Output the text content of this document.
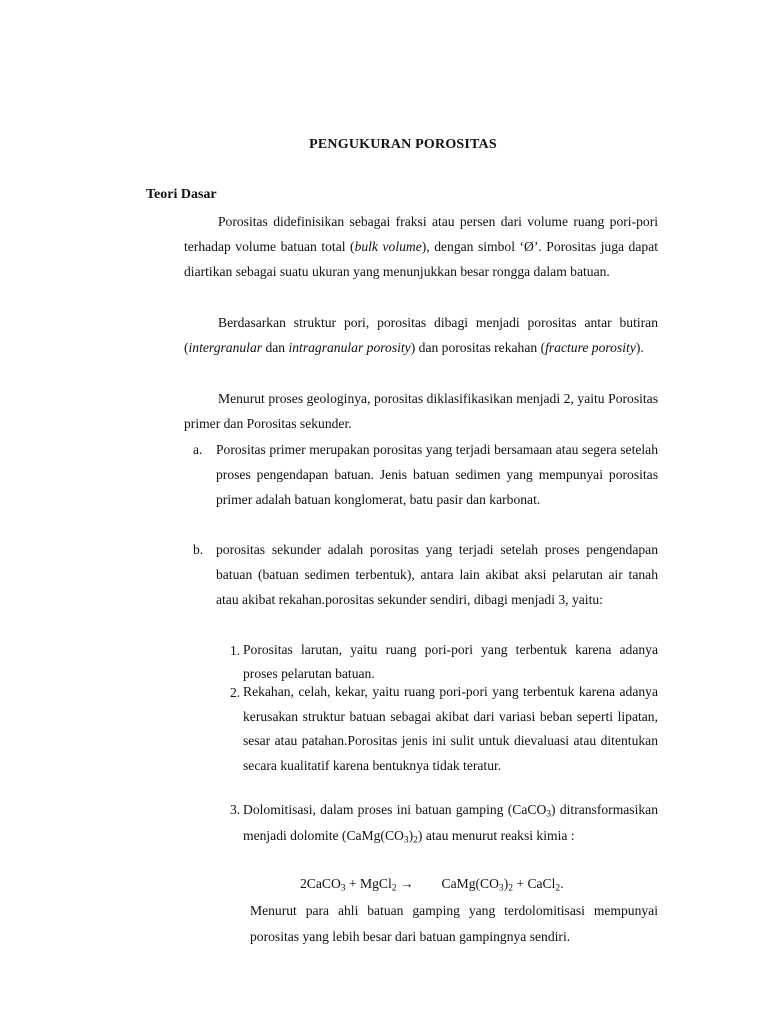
PENGUKURAN POROSITAS
Teori Dasar

Porositas didefinisikan sebagai fraksi atau persen dari volume ruang pori-pori terhadap volume batuan total (bulk volume), dengan simbol ‘Ø’. Porositas juga dapat diartikan sebagai suatu ukuran yang menunjukkan besar rongga dalam batuan.

Berdasarkan struktur pori, porositas dibagi menjadi porositas antar butiran (intergranular dan intragranular porosity) dan porositas rekahan (fracture porosity).

Menurut proses geologinya, porositas diklasifikasikan menjadi 2, yaitu Porositas primer dan Porositas sekunder.

a. Porositas primer merupakan porositas yang terjadi bersamaan atau segera setelah proses pengendapan batuan. Jenis batuan sedimen yang mempunyai porositas primer adalah batuan konglomerat, batu pasir dan karbonat.

b. porositas sekunder adalah porositas yang terjadi setelah proses pengendapan batuan (batuan sedimen terbentuk), antara lain akibat aksi pelarutan air tanah atau akibat rekahan.porositas sekunder sendiri, dibagi menjadi 3, yaitu:

1. Porositas larutan, yaitu ruang pori-pori yang terbentuk karena adanya proses pelarutan batuan.

2. Rekahan, celah, kekar, yaitu ruang pori-pori yang terbentuk karena adanya kerusakan struktur batuan sebagai akibat dari variasi beban seperti lipatan, sesar atau patahan.Porositas jenis ini sulit untuk dievaluasi atau ditentukan secara kualitatif karena bentuknya tidak teratur.

3. Dolomitisasi, dalam proses ini batuan gamping (CaCO$_3$) ditransformasikan menjadi dolomite $(CaMg(CO_3)_2)$ atau menurut reaksi kimia :

2CaCO$_3$ + MgCl$_2$ → $CaMg(CO_3)_2$ + CaCl$_2$.

Menurut para ahli batuan gamping yang terdolomitisasi mempunyai porositas yang lebih besar dari batuan gampingnya sendiri.
